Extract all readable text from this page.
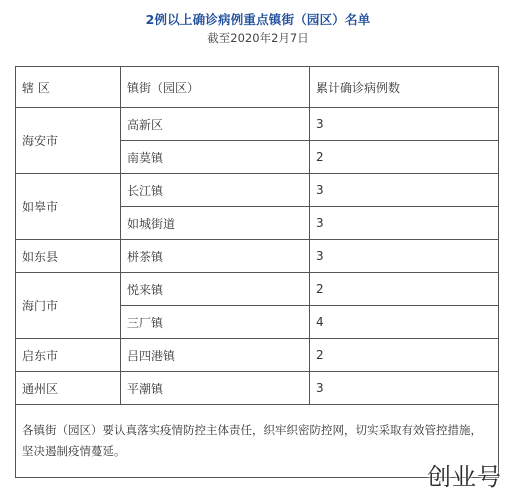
2例以上确诊病例重点镇街（园区）名单
截至2020年2月7日
辖 区	镇街（园区）	累计确诊病例数
海安市	高新区	3
	南莫镇	2
如皋市	长江镇	3
	如城街道	3
如东县	栟茶镇	3
海门市	悦来镇	2
	三厂镇	4
启东市	吕四港镇	2
通州区	平潮镇	3
各镇街（园区）要认真落实疫情防控主体责任，织牢织密防控网，切实采取有效管控措施，坚决遏制疫情蔓延。		
创业号
